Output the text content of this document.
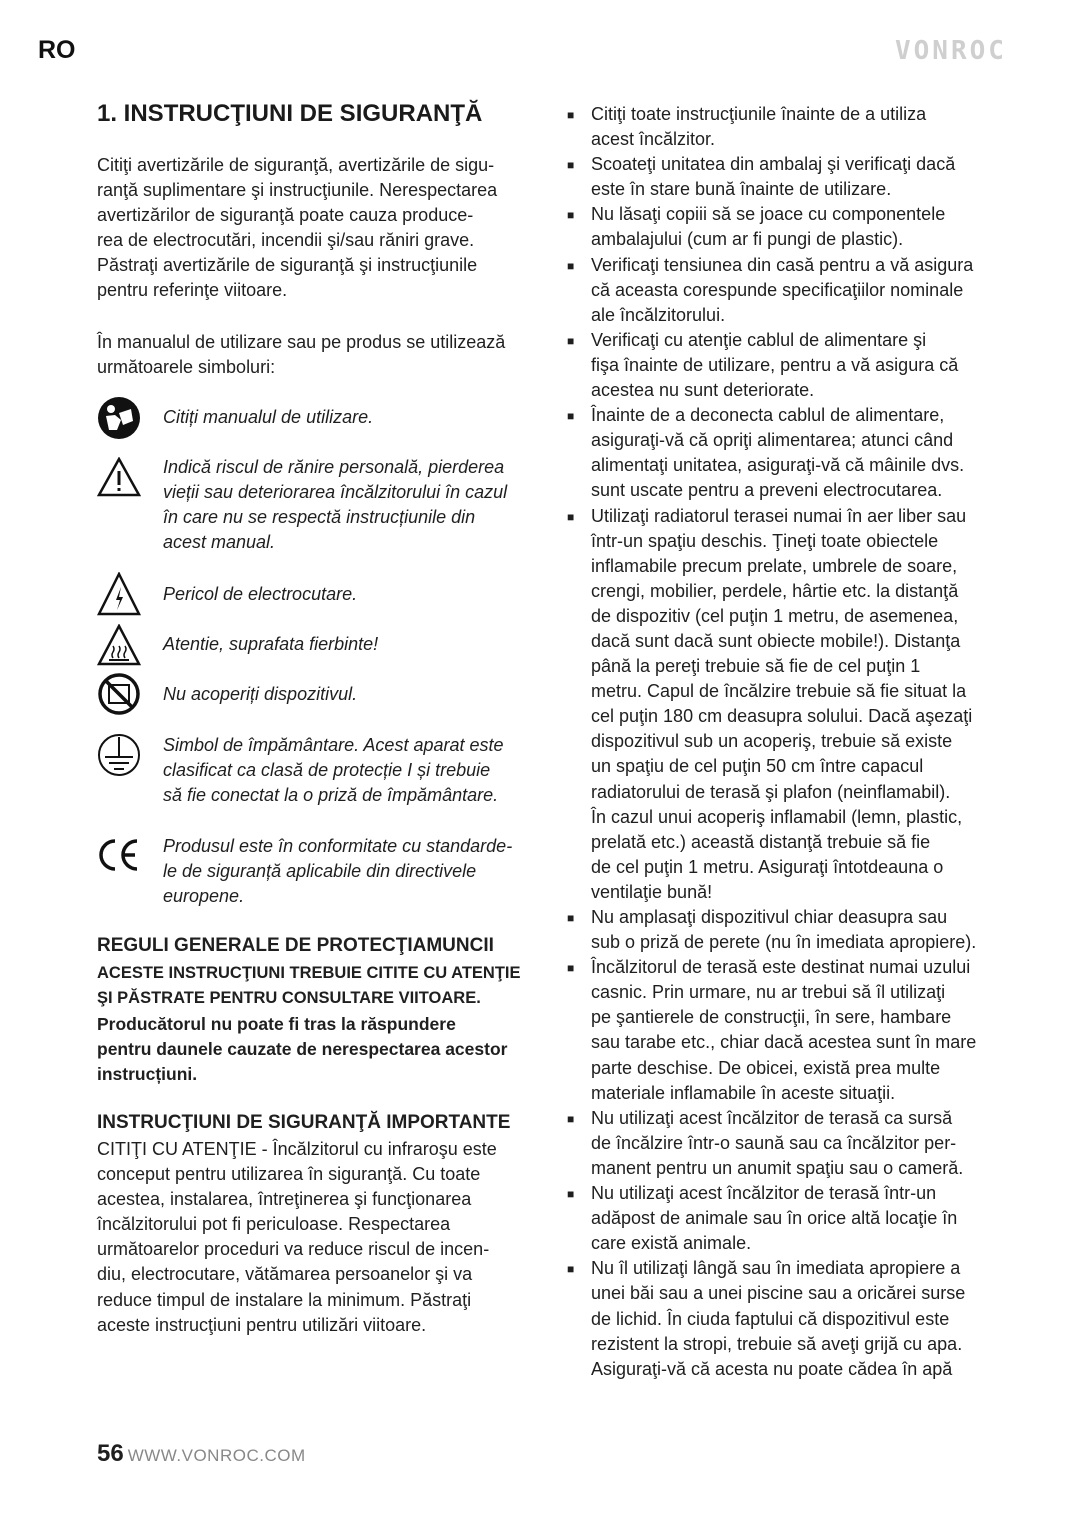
RO	VONROC
1. INSTRUCŢIUNI DE SIGURANŢĂ
Citiţi avertizările de siguranţă, avertizările de sigu-
ranţă suplimentare şi instrucţiunile. Nerespectarea
avertizărilor de siguranţă poate cauza produce-
rea de electrocutări, incendii şi/sau răniri grave.
Păstraţi avertizările de siguranţă şi instrucţiunile
pentru referinţe viitoare.
În manualul de utilizare sau pe produs se utilizează
următoarele simboluri:
Citiți manualul de utilizare.
Indică riscul de rănire personală, pierderea
vieții sau deteriorarea încălzitorului în cazul
în care nu se respectă instrucțiunile din
acest manual.
Pericol de electrocutare.
Atentie, suprafata fierbinte!
Nu acoperiți dispozitivul.
Simbol de împământare. Acest aparat este
clasificat ca clasă de protecție I și trebuie
să fie conectat la o priză de împământare.
Produsul este în conformitate cu standarde-
le de siguranță aplicabile din directivele
europene.
REGULI GENERALE DE PROTECŢIAMUNCII
ACESTE INSTRUCŢIUNI TREBUIE CITITE CU ATENŢIE
ŞI PĂSTRATE PENTRU CONSULTARE VIITOARE.
Producătorul nu poate fi tras la răspundere
pentru daunele cauzate de nerespectarea acestor
instrucțiuni.
INSTRUCŢIUNI DE SIGURANŢĂ IMPORTANTE
CITIŢI CU ATENŢIE - Încălzitorul cu infraroşu este
conceput pentru utilizarea în siguranţă. Cu toate
acestea, instalarea, întreţinerea şi funcţionarea
încălzitorului pot fi periculoase. Respectarea
următoarelor proceduri va reduce riscul de incen-
diu, electrocutare, vătămarea persoanelor şi va
reduce timpul de instalare la minimum. Păstraţi
aceste instrucţiuni pentru utilizări viitoare.
■ Citiţi toate instrucţiunile înainte de a utiliza
acest încălzitor.
■ Scoateţi unitatea din ambalaj şi verificaţi dacă
este în stare bună înainte de utilizare.
■ Nu lăsaţi copiii să se joace cu componentele
ambalajului (cum ar fi pungi de plastic).
■ Verificaţi tensiunea din casă pentru a vă asigura
că aceasta corespunde specificaţiilor nominale
ale încălzitorului.
■ Verificaţi cu atenţie cablul de alimentare şi
fişa înainte de utilizare, pentru a vă asigura că
acestea nu sunt deteriorate.
■ Înainte de a deconecta cablul de alimentare,
asiguraţi-vă că opriţi alimentarea; atunci când
alimentaţi unitatea, asiguraţi-vă că mâinile dvs.
sunt uscate pentru a preveni electrocutarea.
■ Utilizaţi radiatorul terasei numai în aer liber sau
într-un spaţiu deschis. Ţineţi toate obiectele
inflamabile precum prelate, umbrele de soare,
crengi, mobilier, perdele, hârtie etc. la distanţă
de dispozitiv (cel puţin 1 metru, de asemenea,
dacă sunt dacă sunt obiecte mobile!). Distanţa
până la pereţi trebuie să fie de cel puţin 1
metru. Capul de încălzire trebuie să fie situat la
cel puţin 180 cm deasupra solului. Dacă aşezaţi
dispozitivul sub un acoperiş, trebuie să existe
un spaţiu de cel puţin 50 cm între capacul
radiatorului de terasă şi plafon (neinflamabil).
În cazul unui acoperiş inflamabil (lemn, plastic,
prelată etc.) această distanţă trebuie să fie
de cel puţin 1 metru. Asiguraţi întotdeauna o
ventilaţie bună!
■ Nu amplasaţi dispozitivul chiar deasupra sau
sub o priză de perete (nu în imediata apropiere).
■ Încălzitorul de terasă este destinat numai uzului
casnic. Prin urmare, nu ar trebui să îl utilizaţi
pe şantierele de construcţii, în sere, hambare
sau tarabe etc., chiar dacă acestea sunt în mare
parte deschise. De obicei, există prea multe
materiale inflamabile în aceste situaţii.
■ Nu utilizaţi acest încălzitor de terasă ca sursă
de încălzire într-o saună sau ca încălzitor per-
manent pentru un anumit spaţiu sau o cameră.
■ Nu utilizaţi acest încălzitor de terasă într-un
adăpost de animale sau în orice altă locaţie în
care există animale.
■ Nu îl utilizaţi lângă sau în imediata apropiere a
unei băi sau a unei piscine sau a oricărei surse
de lichid. În ciuda faptului că dispozitivul este
rezistent la stropi, trebuie să aveţi grijă cu apa.
Asiguraţi-vă că acesta nu poate cădea în apă
56 WWW.VONROC.COM
